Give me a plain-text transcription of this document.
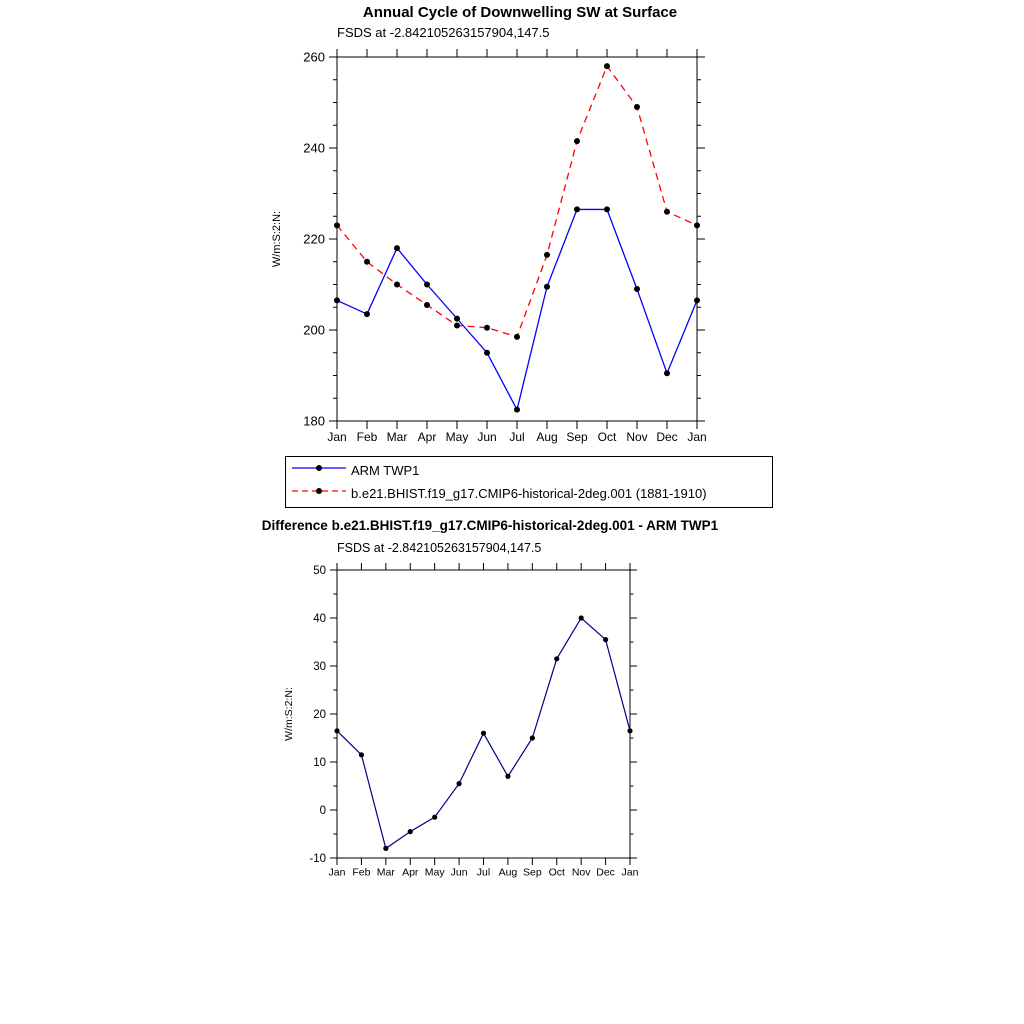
Annual Cycle of Downwelling SW at Surface
FSDS at -2.842105263157904,147.5
180
200
220
240
260
Jan Feb Mar Apr May Jun Jul Aug Sep Oct Nov Dec Jan
W/m:S:2:N:
ARM TWP1
b.e21.BHIST.f19_g17.CMIP6-historical-2deg.001 (1881-1910)
Difference b.e21.BHIST.f19_g17.CMIP6-historical-2deg.001 - ARM TWP1
FSDS at -2.842105263157904,147.5
-10
0
10
20
30
40
50
Jan Feb Mar Apr May Jun Jul Aug Sep Oct Nov Dec Jan
W/m:S:2:N:
